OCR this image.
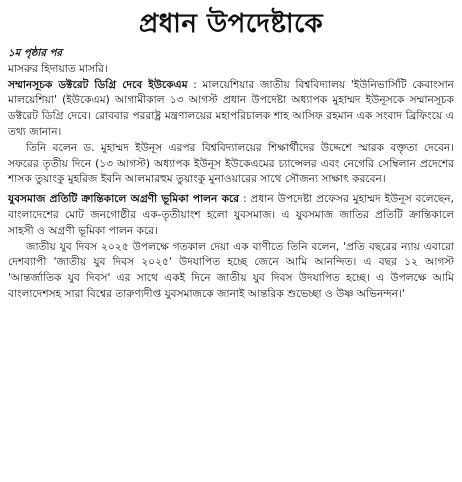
প্রধান উপদেষ্টাকে
১ম পৃষ্ঠার পর

মাসরুর হিদায়াত মাসরি।

সম্মানসূচক ডক্টরেট ডিগ্রি দেবে ইউকেএম : মালয়েশিয়ার জাতীয় বিশ্ববিদ্যালয় 'ইউনিভার্সিটি কেবাংসান মালয়েশিয়া' (ইউকেএম) আগামীকাল ১৩ আগস্ট প্রধান উপদেষ্টা অধ্যাপক মুহাম্মদ ইউনূসকে সম্মানসূচক ডক্টরেট ডিগ্রি দেবে। রোববার পররাষ্ট্র মন্ত্রণালয়ের মহাপরিচালক শাহ আসিফ রহমান এক সংবাদ ব্রিফিংয়ে এ তথ্য জানান।

তিনি বলেন ড. মুহাম্মদ ইউনূস এরপর বিশ্ববিদ্যালয়ের শিক্ষার্থীদের উদ্দেশে স্মারক বক্তৃতা দেবেন। সফরের তৃতীয় দিনে (১৩ আগস্ট) অধ্যাপক ইউনূস ইউকেএমের চ্যান্সেলর এবং নেগেরি সেম্বিলান প্রদেশের শাসক তুয়াংকু মুহরিজ ইবনি আলমারহুম তুয়াংকু মুনাওয়ারের সাথে সৌজন্য সাক্ষাৎ করবেন।

যুবসমাজ প্রতিটি ক্রান্তিকালে অগ্রণী ভূমিকা পালন করে : প্রধান উপদেষ্টা প্রফেসর মুহাম্মদ ইউনূস বলেছেন, বাংলাদেশের মোট জনগোষ্ঠীর এক-তৃতীয়াংশ হলো যুবসমাজ। এ যুবসমাজ জাতির প্রতিটি ক্রান্তিকালে সাহসী ও অগ্রণী ভূমিকা পালন করে।

জাতীয় যুব দিবস ২০২৫ উপলক্ষে গতকাল দেয়া এক বাণীতে তিনি বলেন, 'প্রতি বছরের ন্যায় এবারো দেশব্যাপী 'জাতীয় যুব দিবস ২০২৫' উদযাপিত হচ্ছে জেনে আমি আনন্দিত। এ বছর ১২ আগস্ট 'আন্তর্জাতিক যুব দিবস' এর সাথে একই দিনে জাতীয় যুব দিবস উদযাপিত হচ্ছে। এ উপলক্ষে আমি বাংলাদেশসহ সারা বিশ্বের তারুণ্যদীপ্ত যুবসমাজকে জানাই আন্তরিক শুভেচ্ছা ও উষ্ণ অভিনন্দন।'
